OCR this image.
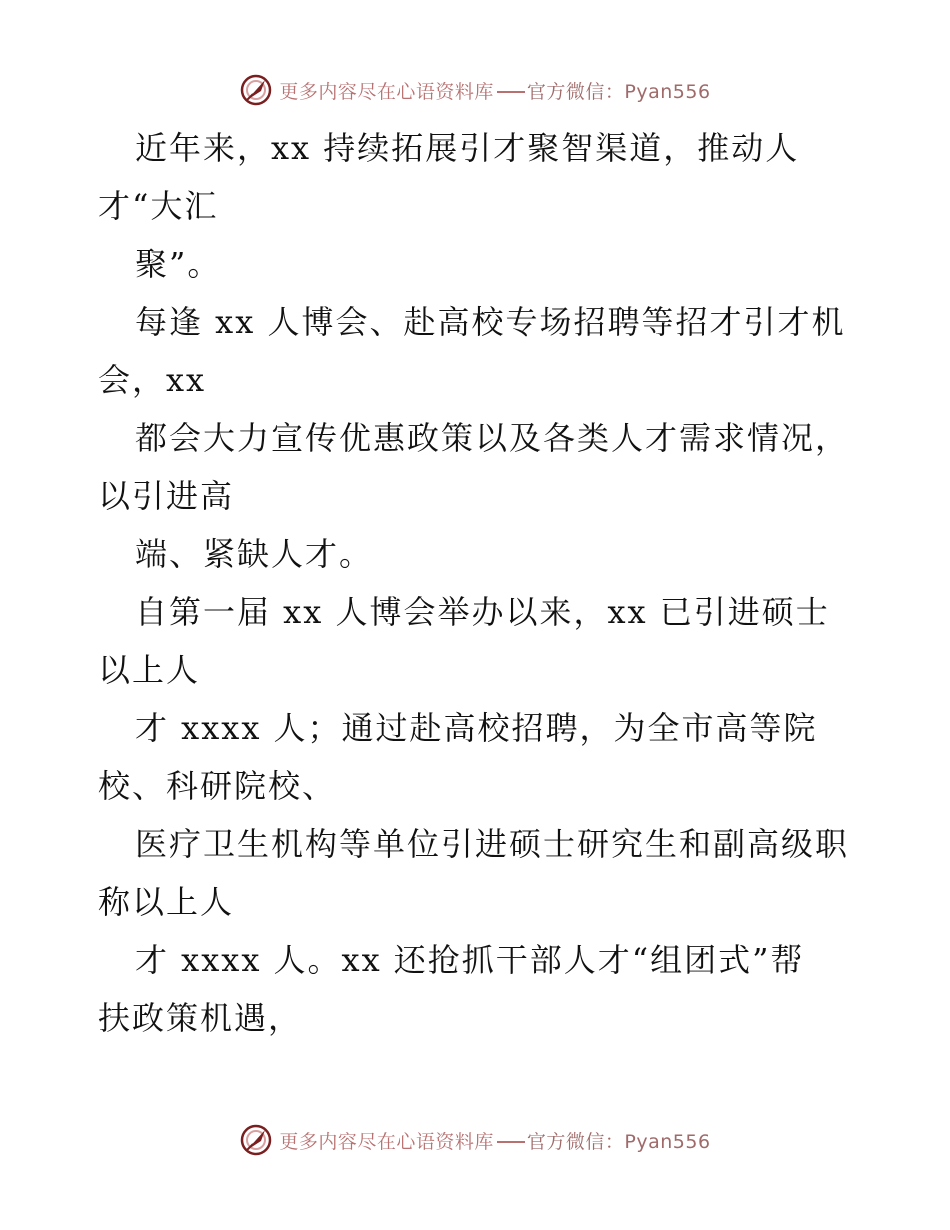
更多内容尽在心语资料库 官方微信：Pyan556
近年来，xx 持续拓展引才聚智渠道，推动人
才“大汇
聚”。
每逢 xx 人博会、赴高校专场招聘等招才引才机
会，xx
都会大力宣传优惠政策以及各类人才需求情况，
以引进高
端、紧缺人才。
自第一届 xx 人博会举办以来，xx 已引进硕士
以上人
才 xxxx 人；通过赴高校招聘，为全市高等院
校、科研院校、
医疗卫生机构等单位引进硕士研究生和副高级职
称以上人
才 xxxx 人。xx 还抢抓干部人才“组团式”帮
扶政策机遇，
更多内容尽在心语资料库 官方微信：Pyan556
